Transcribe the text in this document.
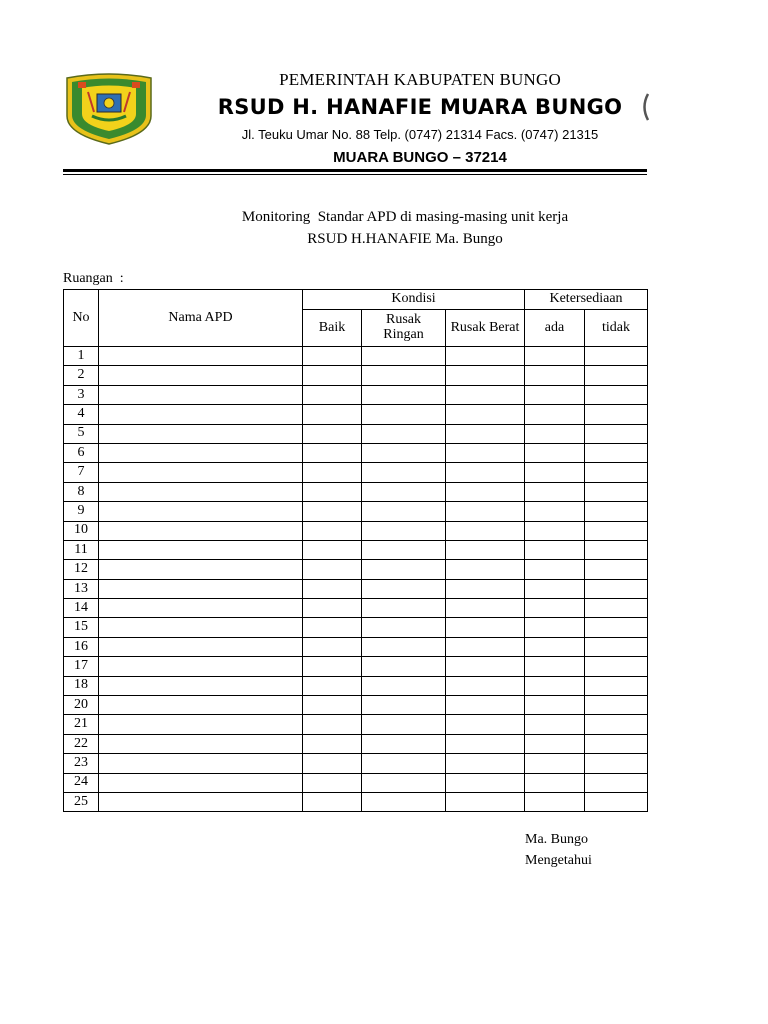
PEMERINTAH KABUPATEN BUNGO
RSUD H. HANAFIE MUARA BUNGO
Jl. Teuku Umar No. 88 Telp. (0747) 21314 Facs. (0747) 21315
MUARA BUNGO – 37214
Monitoring  Standar APD di masing-masing unit kerja
RSUD H.HANAFIE Ma. Bungo
Ruangan  :
No	Nama APD	Kondisi			Ketersediaan	
		Baik	Rusak Ringan	Rusak Berat	ada	tidak
1						
2						
3						
4						
5						
6						
7						
8						
9						
10						
11						
12						
13						
14						
15						
16						
17						
18						
20						
21						
22						
23						
24						
25						
Ma. Bungo
Mengetahui
